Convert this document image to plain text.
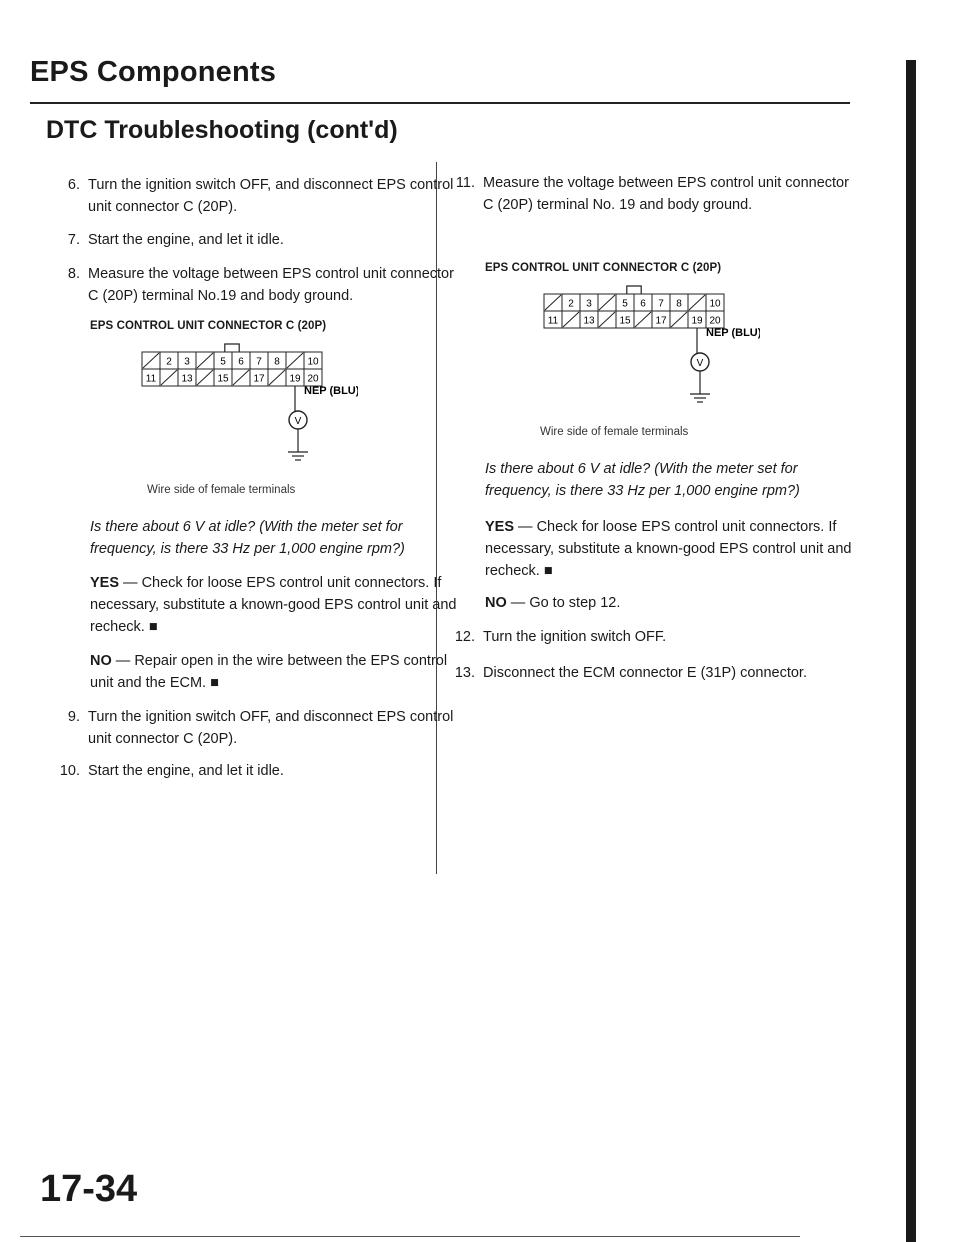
EPS Components
DTC Troubleshooting (cont'd)
6. Turn the ignition switch OFF, and disconnect EPS control unit connector C (20P).
7. Start the engine, and let it idle.
8. Measure the voltage between EPS control unit connector C (20P) terminal No.19 and body ground.
EPS CONTROL UNIT CONNECTOR C (20P)
2 3	5 6 7 8	10
11	13 15 17 19 20
NEP (BLU)
V
Wire side of female terminals
Is there about 6 V at idle? (With the meter set for frequency, is there 33 Hz per 1,000 engine rpm?)
YES — Check for loose EPS control unit connectors. If necessary, substitute a known-good EPS control unit and recheck. ■
NO — Repair open in the wire between the EPS control unit and the ECM. ■
9. Turn the ignition switch OFF, and disconnect EPS control unit connector C (20P).
10. Start the engine, and let it idle.
11. Measure the voltage between EPS control unit connector C (20P) terminal No. 19 and body ground.
EPS CONTROL UNIT CONNECTOR C (20P)
2 3	5 6 7 8	10
11	13 15 17 19 20
NEP (BLU)
V
Wire side of female terminals
Is there about 6 V at idle? (With the meter set for frequency, is there 33 Hz per 1,000 engine rpm?)
YES — Check for loose EPS control unit connectors. If necessary, substitute a known-good EPS control unit and recheck. ■
NO — Go to step 12.
12. Turn the ignition switch OFF.
13. Disconnect the ECM connector E (31P) connector.
17-34
